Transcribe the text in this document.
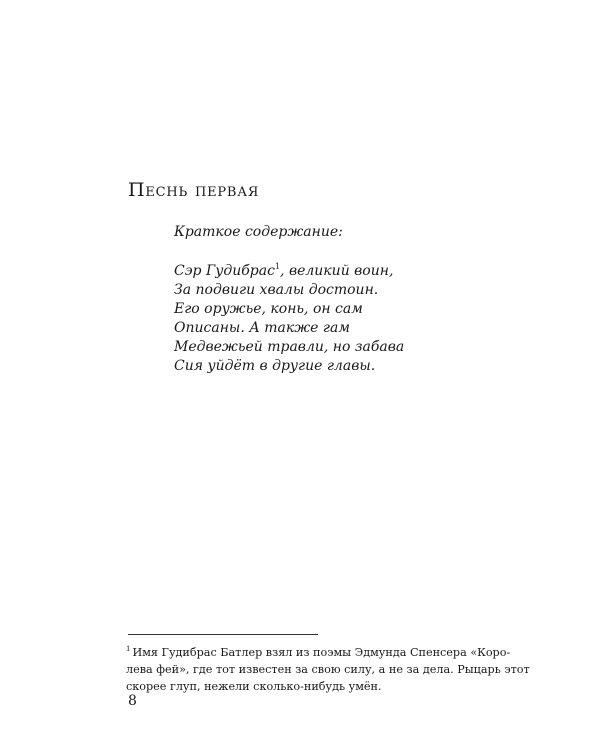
Песнь первая
Краткое содержание:
Сэр Гудибрас$^1$, великий воин,
За подвиги хвалы достоин.
Его оружье, конь, он сам
Описаны. А также гам
Медвежьей травли, но забава
Сия уйдёт в другие главы.
$^1$ Имя Гудибрас Батлер взял из поэмы Эдмунда Спенсера «Коро-
лева фей», где тот известен за свою силу, а не за дела. Рыцарь этот
скорее глуп, нежели сколько-нибудь умён.
8
